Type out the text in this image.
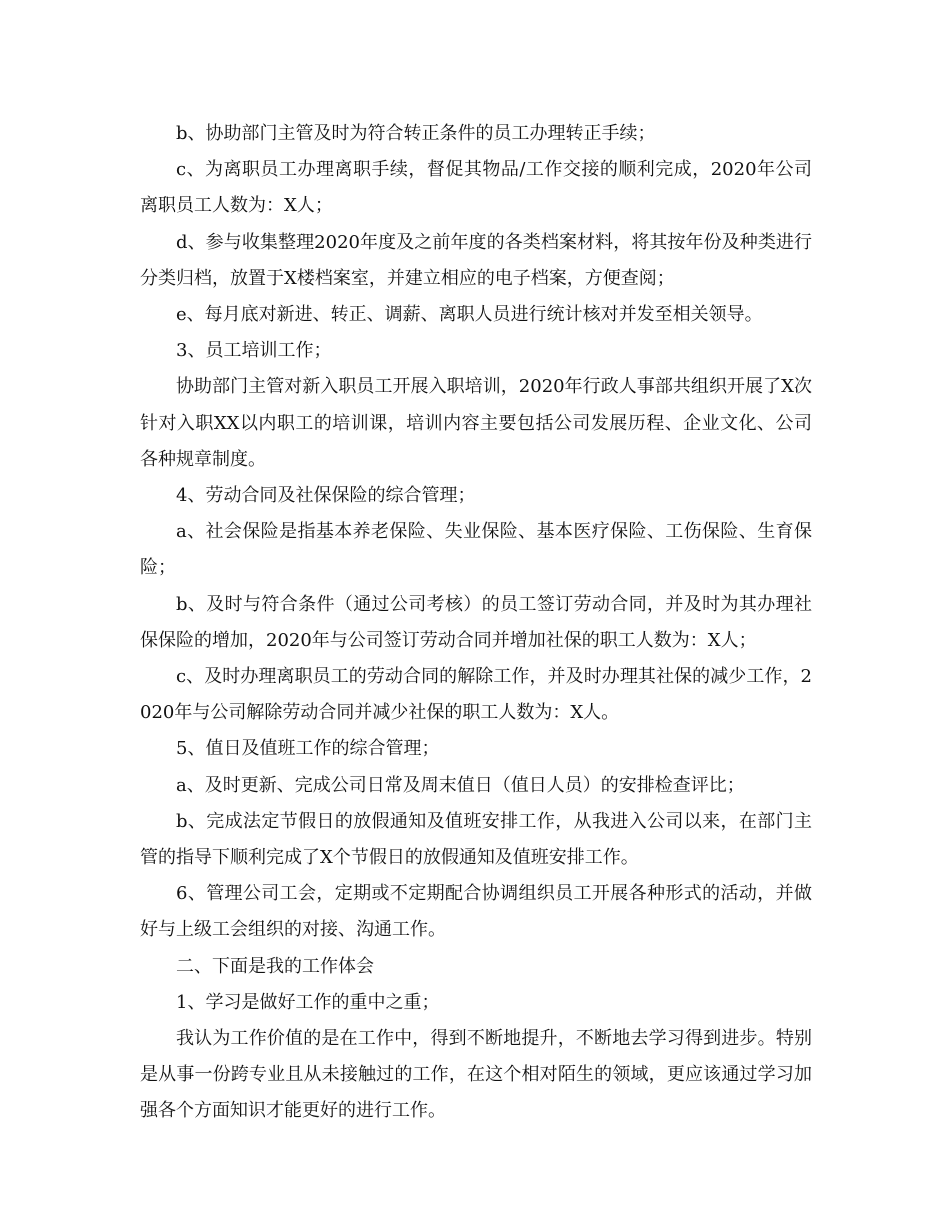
b、协助部门主管及时为符合转正条件的员工办理转正手续；

c、为离职员工办理离职手续，督促其物品/工作交接的顺利完成，2020年公司离职员工人数为：X人；

d、参与收集整理2020年度及之前年度的各类档案材料，将其按年份及种类进行分类归档，放置于X楼档案室，并建立相应的电子档案，方便查阅；

e、每月底对新进、转正、调薪、离职人员进行统计核对并发至相关领导。

3、员工培训工作；

协助部门主管对新入职员工开展入职培训，2020年行政人事部共组织开展了X次针对入职XX以内职工的培训课，培训内容主要包括公司发展历程、企业文化、公司各种规章制度。

4、劳动合同及社保保险的综合管理；

a、社会保险是指基本养老保险、失业保险、基本医疗保险、工伤保险、生育保险；

b、及时与符合条件（通过公司考核）的员工签订劳动合同，并及时为其办理社保保险的增加，2020年与公司签订劳动合同并增加社保的职工人数为：X人；

c、及时办理离职员工的劳动合同的解除工作，并及时办理其社保的减少工作，2020年与公司解除劳动合同并减少社保的职工人数为：X人。

5、值日及值班工作的综合管理；

a、及时更新、完成公司日常及周末值日（值日人员）的安排检查评比；

b、完成法定节假日的放假通知及值班安排工作，从我进入公司以来，在部门主管的指导下顺利完成了X个节假日的放假通知及值班安排工作。

6、管理公司工会，定期或不定期配合协调组织员工开展各种形式的活动，并做好与上级工会组织的对接、沟通工作。

二、下面是我的工作体会

1、学习是做好工作的重中之重；

我认为工作价值的是在工作中，得到不断地提升，不断地去学习得到进步。特别是从事一份跨专业且从未接触过的工作，在这个相对陌生的领域，更应该通过学习加强各个方面知识才能更好的进行工作。
